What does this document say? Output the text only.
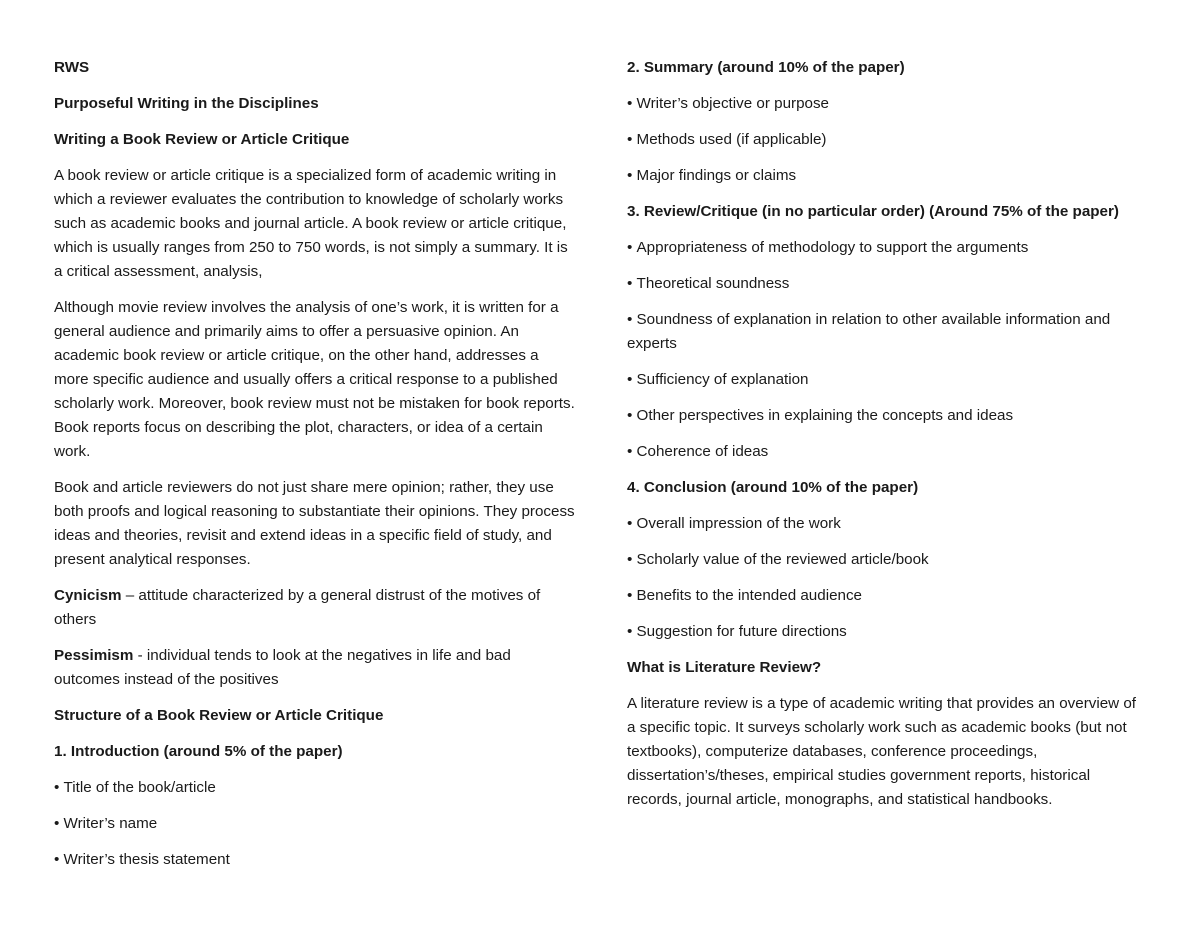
RWS

Purposeful Writing in the Disciplines

Writing a Book Review or Article Critique

A book review or article critique is a specialized form of academic writing in which a reviewer evaluates the contribution to knowledge of scholarly works such as academic books and journal article. A book review or article critique, which is usually ranges from 250 to 750 words, is not simply a summary. It is a critical assessment, analysis,

Although movie review involves the analysis of one’s work, it is written for a general audience and primarily aims to offer a persuasive opinion. An academic book review or article critique, on the other hand, addresses a more specific audience and usually offers a critical response to a published scholarly work. Moreover, book review must not be mistaken for book reports. Book reports focus on describing the plot, characters, or idea of a certain work.

Book and article reviewers do not just share mere opinion; rather, they use both proofs and logical reasoning to substantiate their opinions. They process ideas and theories, revisit and extend ideas in a specific field of study, and present analytical responses.

Cynicism – attitude characterized by a general distrust of the motives of others

Pessimism - individual tends to look at the negatives in life and bad outcomes instead of the positives

Structure of a Book Review or Article Critique

1. Introduction (around 5% of the paper)

• Title of the book/article

• Writer’s name

• Writer’s thesis statement

2. Summary (around 10% of the paper)

• Writer’s objective or purpose

• Methods used (if applicable)

• Major findings or claims

3. Review/Critique (in no particular order) (Around 75% of the paper)

• Appropriateness of methodology to support the arguments

• Theoretical soundness

• Soundness of explanation in relation to other available information and experts

• Sufficiency of explanation

• Other perspectives in explaining the concepts and ideas

• Coherence of ideas

4. Conclusion (around 10% of the paper)

• Overall impression of the work

• Scholarly value of the reviewed article/book

• Benefits to the intended audience

• Suggestion for future directions

What is Literature Review?

A literature review is a type of academic writing that provides an overview of a specific topic. It surveys scholarly work such as academic books (but not textbooks), computerize databases, conference proceedings, dissertation’s/theses, empirical studies government reports, historical records, journal article, monographs, and statistical handbooks.
